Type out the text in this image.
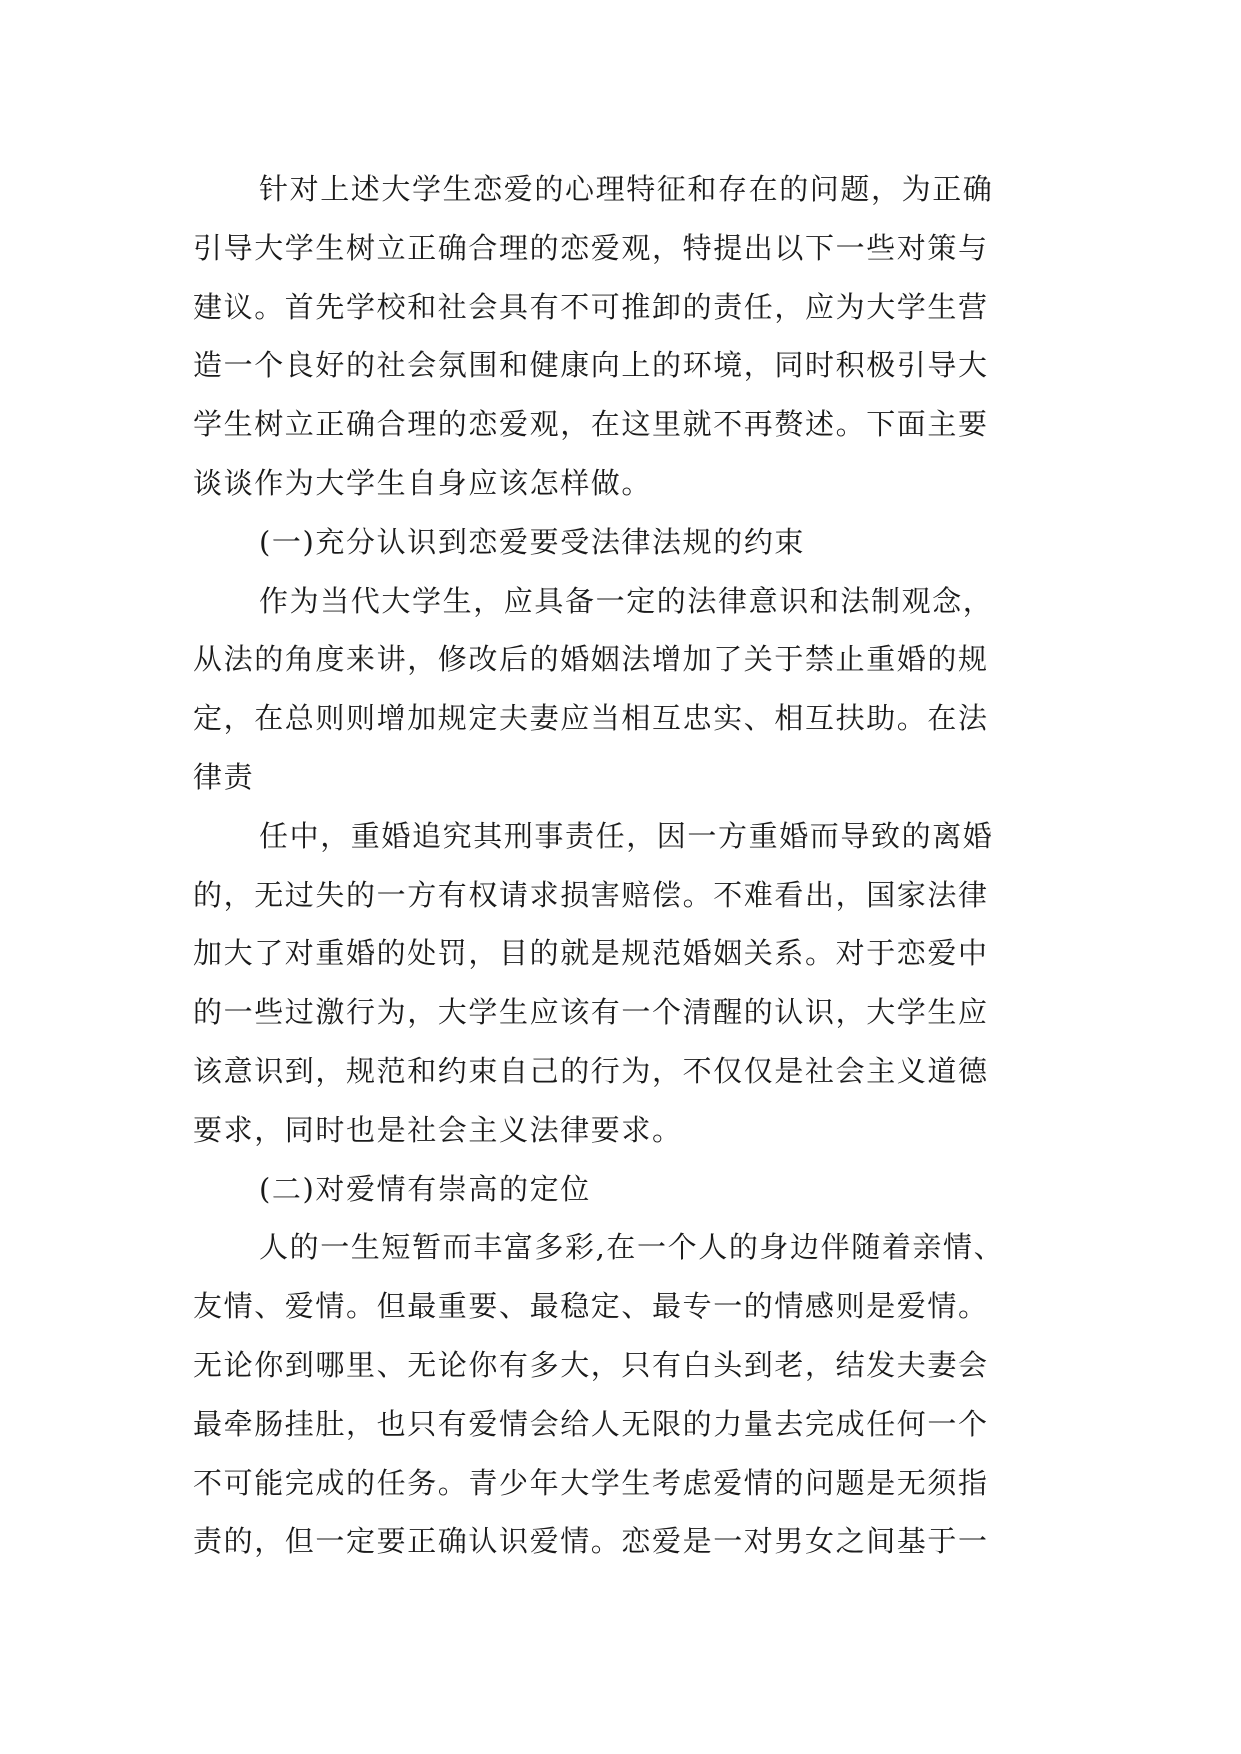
针对上述大学生恋爱的心理特征和存在的问题，为正确
引导大学生树立正确合理的恋爱观，特提出以下一些对策与
建议。首先学校和社会具有不可推卸的责任，应为大学生营
造一个良好的社会氛围和健康向上的环境，同时积极引导大
学生树立正确合理的恋爱观，在这里就不再赘述。下面主要
谈谈作为大学生自身应该怎样做。
(一)充分认识到恋爱要受法律法规的约束
作为当代大学生，应具备一定的法律意识和法制观念，
从法的角度来讲，修改后的婚姻法增加了关于禁止重婚的规
定，在总则则增加规定夫妻应当相互忠实、相互扶助。在法
律责
任中，重婚追究其刑事责任，因一方重婚而导致的离婚
的，无过失的一方有权请求损害赔偿。不难看出，国家法律
加大了对重婚的处罚，目的就是规范婚姻关系。对于恋爱中
的一些过激行为，大学生应该有一个清醒的认识，大学生应
该意识到，规范和约束自己的行为，不仅仅是社会主义道德
要求，同时也是社会主义法律要求。
(二)对爱情有崇高的定位
人的一生短暂而丰富多彩,在一个人的身边伴随着亲情、
友情、爱情。但最重要、最稳定、最专一的情感则是爱情。
无论你到哪里、无论你有多大，只有白头到老，结发夫妻会
最牵肠挂肚，也只有爱情会给人无限的力量去完成任何一个
不可能完成的任务。青少年大学生考虑爱情的问题是无须指
责的，但一定要正确认识爱情。恋爱是一对男女之间基于一
